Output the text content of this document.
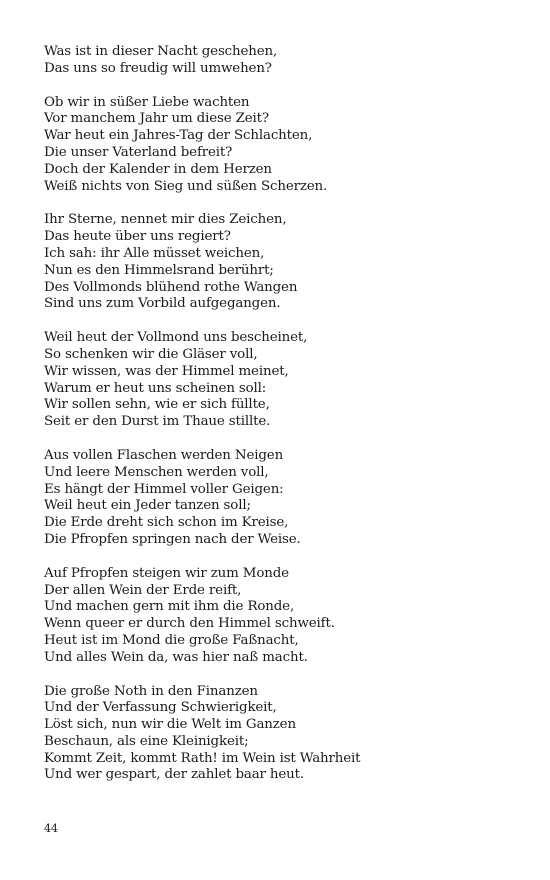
Was ist in dieser Nacht geschehen,
Das uns so freudig will umwehen?
Ob wir in süßer Liebe wachten
Vor manchem Jahr um diese Zeit?
War heut ein Jahres-Tag der Schlachten,
Die unser Vaterland befreit?
Doch der Kalender in dem Herzen
Weiß nichts von Sieg und süßen Scherzen.
Ihr Sterne, nennet mir dies Zeichen,
Das heute über uns regiert?
Ich sah: ihr Alle müsset weichen,
Nun es den Himmelsrand berührt;
Des Vollmonds blühend rothe Wangen
Sind uns zum Vorbild aufgegangen.
Weil heut der Vollmond uns bescheinet,
So schenken wir die Gläser voll,
Wir wissen, was der Himmel meinet,
Warum er heut uns scheinen soll:
Wir sollen sehn, wie er sich füllte,
Seit er den Durst im Thaue stillte.
Aus vollen Flaschen werden Neigen
Und leere Menschen werden voll,
Es hängt der Himmel voller Geigen:
Weil heut ein Jeder tanzen soll;
Die Erde dreht sich schon im Kreise,
Die Pfropfen springen nach der Weise.
Auf Pfropfen steigen wir zum Monde
Der allen Wein der Erde reift,
Und machen gern mit ihm die Ronde,
Wenn queer er durch den Himmel schweift.
Heut ist im Mond die große Faßnacht,
Und alles Wein da, was hier naß macht.
Die große Noth in den Finanzen
Und der Verfassung Schwierigkeit,
Löst sich, nun wir die Welt im Ganzen
Beschaun, als eine Kleinigkeit;
Kommt Zeit, kommt Rath! im Wein ist Wahrheit
Und wer gespart, der zahlet baar heut.
44
